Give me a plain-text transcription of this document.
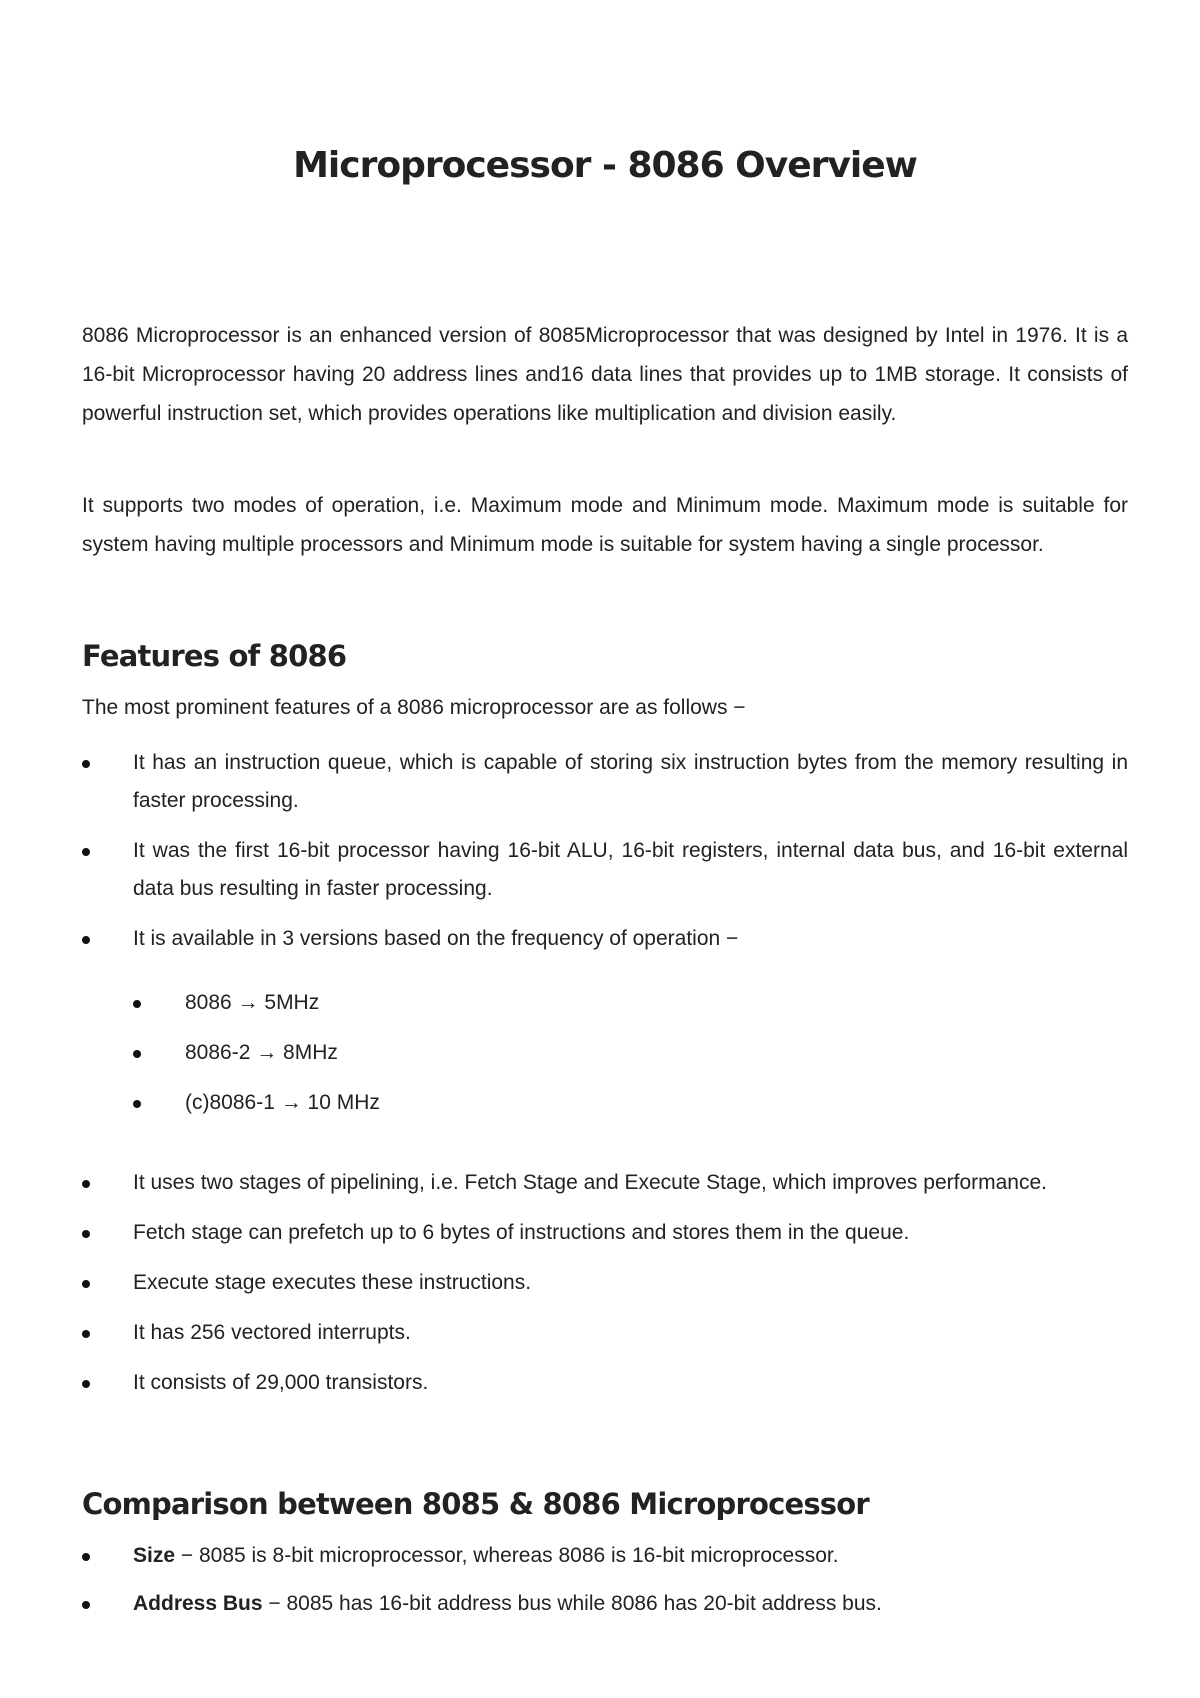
Microprocessor - 8086 Overview

8086 Microprocessor is an enhanced version of 8085Microprocessor that was designed by Intel in 1976. It is a 16-bit Microprocessor having 20 address lines and16 data lines that provides up to 1MB storage. It consists of powerful instruction set, which provides operations like multiplication and division easily.

It supports two modes of operation, i.e. Maximum mode and Minimum mode. Maximum mode is suitable for system having multiple processors and Minimum mode is suitable for system having a single processor.

Features of 8086

The most prominent features of a 8086 microprocessor are as follows −

It has an instruction queue, which is capable of storing six instruction bytes from the memory resulting in faster processing.
It was the first 16-bit processor having 16-bit ALU, 16-bit registers, internal data bus, and 16-bit external data bus resulting in faster processing.
It is available in 3 versions based on the frequency of operation −
8086 → 5MHz
8086-2 → 8MHz
(c)8086-1 → 10 MHz
It uses two stages of pipelining, i.e. Fetch Stage and Execute Stage, which improves performance.
Fetch stage can prefetch up to 6 bytes of instructions and stores them in the queue.
Execute stage executes these instructions.
It has 256 vectored interrupts.
It consists of 29,000 transistors.
Comparison between 8085 & 8086 Microprocessor
Size − 8085 is 8-bit microprocessor, whereas 8086 is 16-bit microprocessor.
Address Bus − 8085 has 16-bit address bus while 8086 has 20-bit address bus.
